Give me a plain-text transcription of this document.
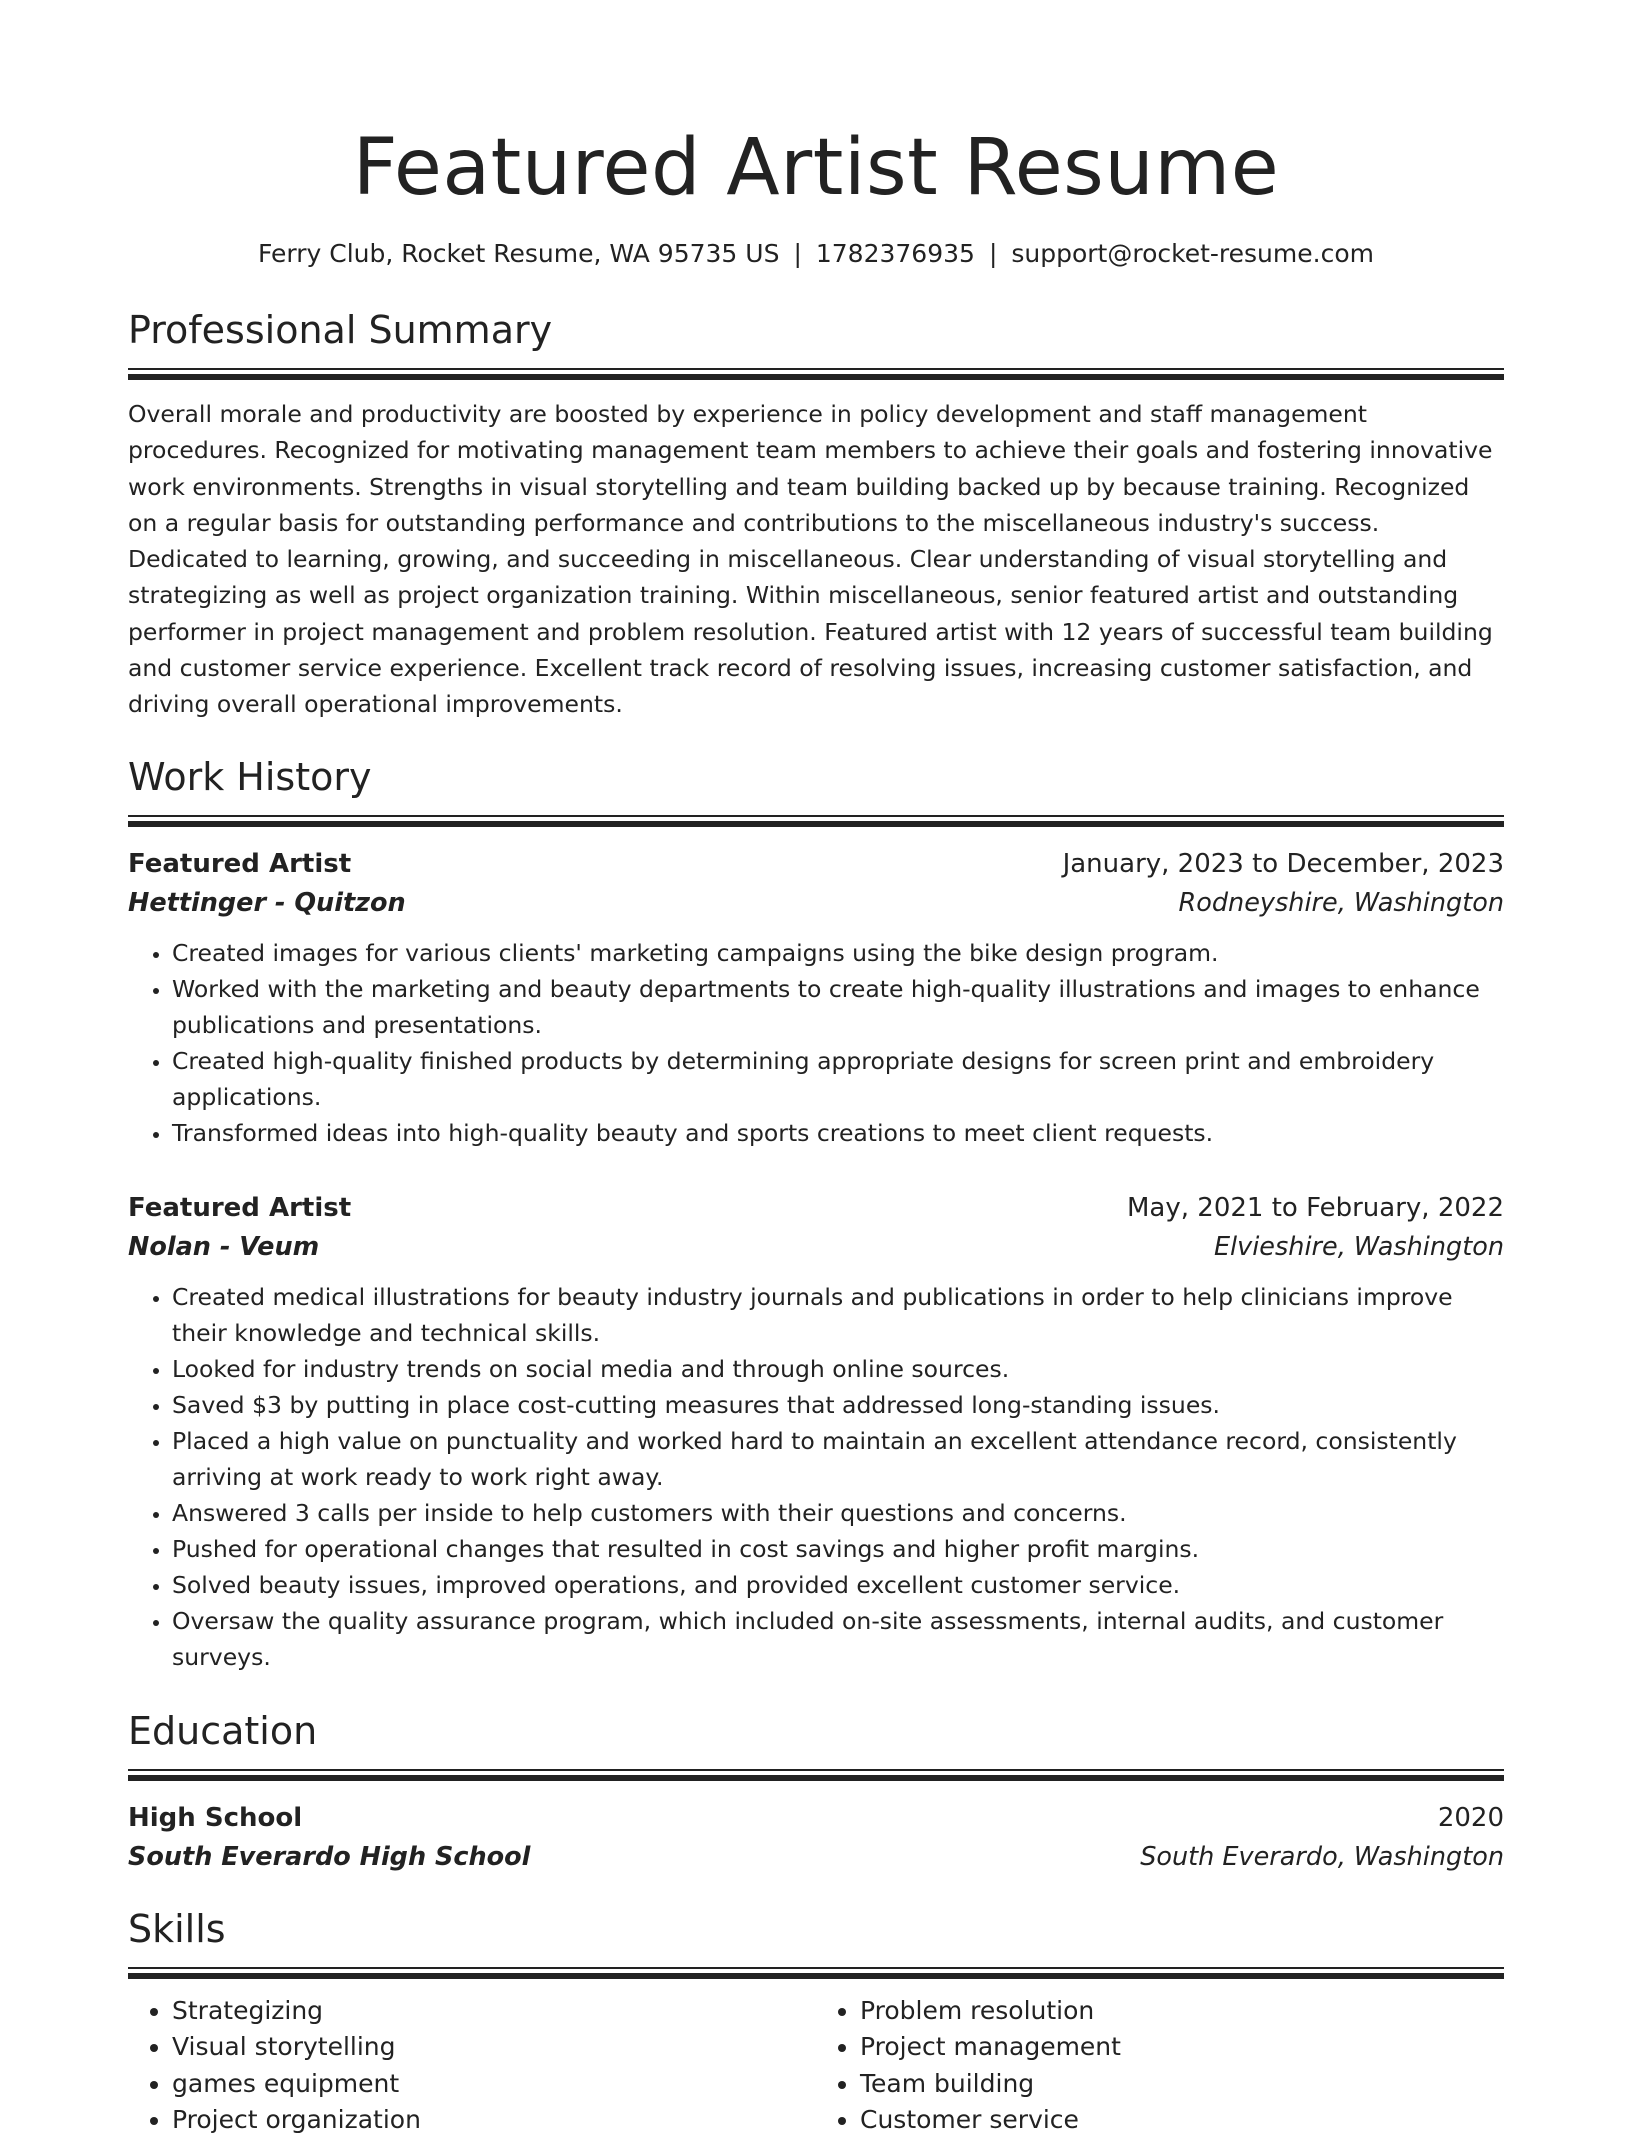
Featured Artist Resume
Ferry Club, Rocket Resume, WA 95735 US | 1782376935 | support@rocket-resume.com
Professional Summary
Overall morale and productivity are boosted by experience in policy development and staff management procedures. Recognized for motivating management team members to achieve their goals and fostering innovative work environments. Strengths in visual storytelling and team building backed up by because training. Recognized on a regular basis for outstanding performance and contributions to the miscellaneous industry's success. Dedicated to learning, growing, and succeeding in miscellaneous. Clear understanding of visual storytelling and strategizing as well as project organization training. Within miscellaneous, senior featured artist and outstanding performer in project management and problem resolution. Featured artist with 12 years of successful team building and customer service experience. Excellent track record of resolving issues, increasing customer satisfaction, and driving overall operational improvements.
Work History
Featured Artist	January, 2023 to December, 2023
Hettinger - Quitzon	Rodneyshire, Washington
• Created images for various clients' marketing campaigns using the bike design program.
• Worked with the marketing and beauty departments to create high-quality illustrations and images to enhance publications and presentations.
• Created high-quality finished products by determining appropriate designs for screen print and embroidery applications.
• Transformed ideas into high-quality beauty and sports creations to meet client requests.
Featured Artist	May, 2021 to February, 2022
Nolan - Veum	Elvieshire, Washington
• Created medical illustrations for beauty industry journals and publications in order to help clinicians improve their knowledge and technical skills.
• Looked for industry trends on social media and through online sources.
• Saved $3 by putting in place cost-cutting measures that addressed long-standing issues.
• Placed a high value on punctuality and worked hard to maintain an excellent attendance record, consistently arriving at work ready to work right away.
• Answered 3 calls per inside to help customers with their questions and concerns.
• Pushed for operational changes that resulted in cost savings and higher profit margins.
• Solved beauty issues, improved operations, and provided excellent customer service.
• Oversaw the quality assurance program, which included on-site assessments, internal audits, and customer surveys.
Education
High School	2020
South Everardo High School	South Everardo, Washington
Skills
• Strategizing
• Visual storytelling
• games equipment
• Project organization
• Problem resolution
• Project management
• Team building
• Customer service
